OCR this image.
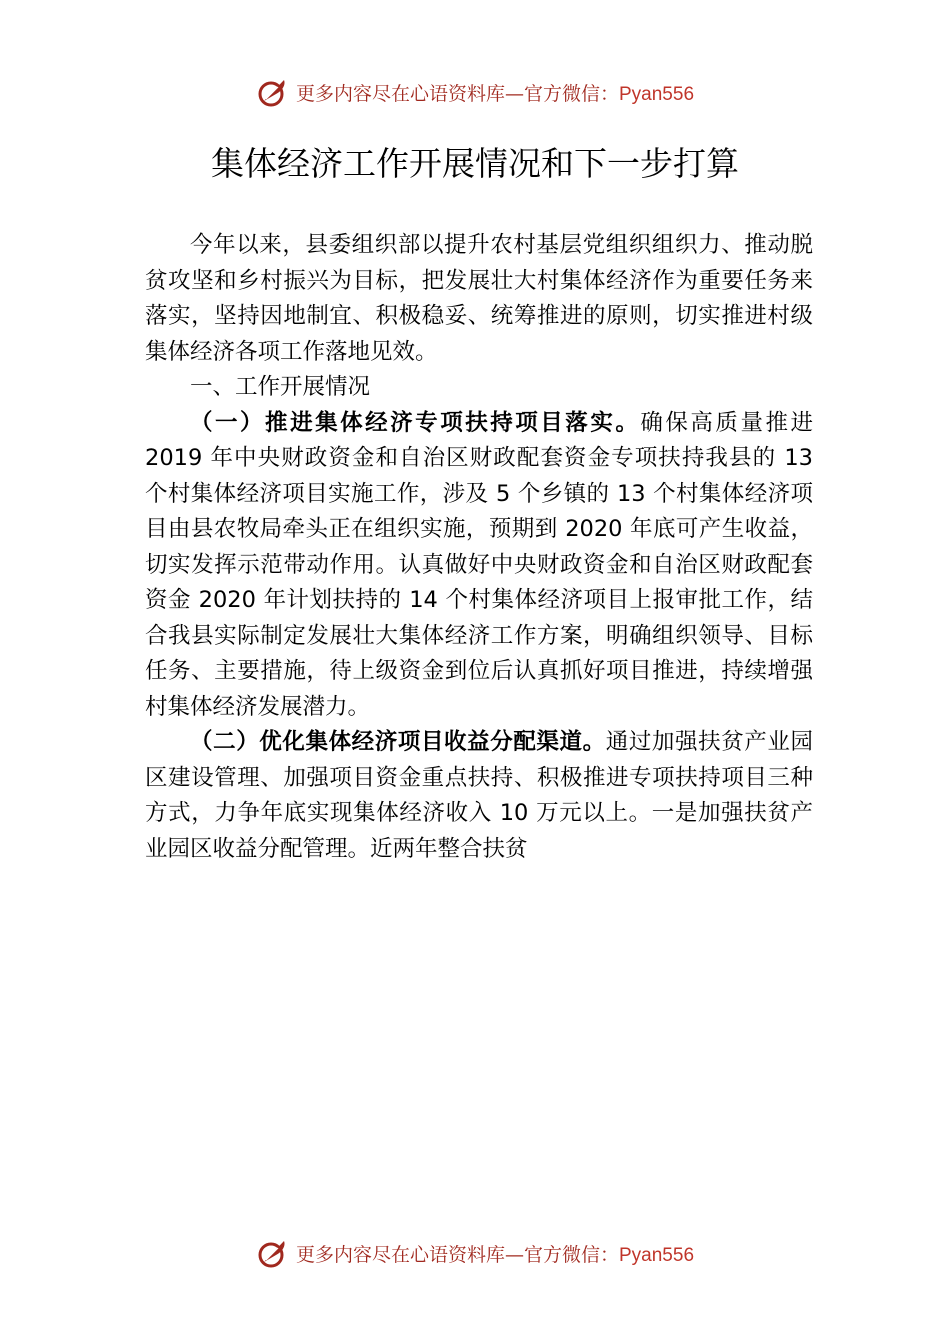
更多内容尽在心语资料库—官方微信：Pyan556
集体经济工作开展情况和下一步打算

今年以来，县委组织部以提升农村基层党组织组织力、推动脱贫攻坚和乡村振兴为目标，把发展壮大村集体经济作为重要任务来落实，坚持因地制宜、积极稳妥、统筹推进的原则，切实推进村级集体经济各项工作落地见效。

一、工作开展情况

（一）推进集体经济专项扶持项目落实。确保高质量推进 2019 年中央财政资金和自治区财政配套资金专项扶持我县的 13 个村集体经济项目实施工作，涉及 5 个乡镇的 13 个村集体经济项目由县农牧局牵头正在组织实施，预期到 2020 年底可产生收益，切实发挥示范带动作用。认真做好中央财政资金和自治区财政配套资金 2020 年计划扶持的 14 个村集体经济项目上报审批工作，结合我县实际制定发展壮大集体经济工作方案，明确组织领导、目标任务、主要措施，待上级资金到位后认真抓好项目推进，持续增强村集体经济发展潜力。

（二）优化集体经济项目收益分配渠道。通过加强扶贫产业园区建设管理、加强项目资金重点扶持、积极推进专项扶持项目三种方式，力争年底实现集体经济收入 10 万元以上。一是加强扶贫产业园区收益分配管理。近两年整合扶贫

更多内容尽在心语资料库—官方微信：Pyan556
